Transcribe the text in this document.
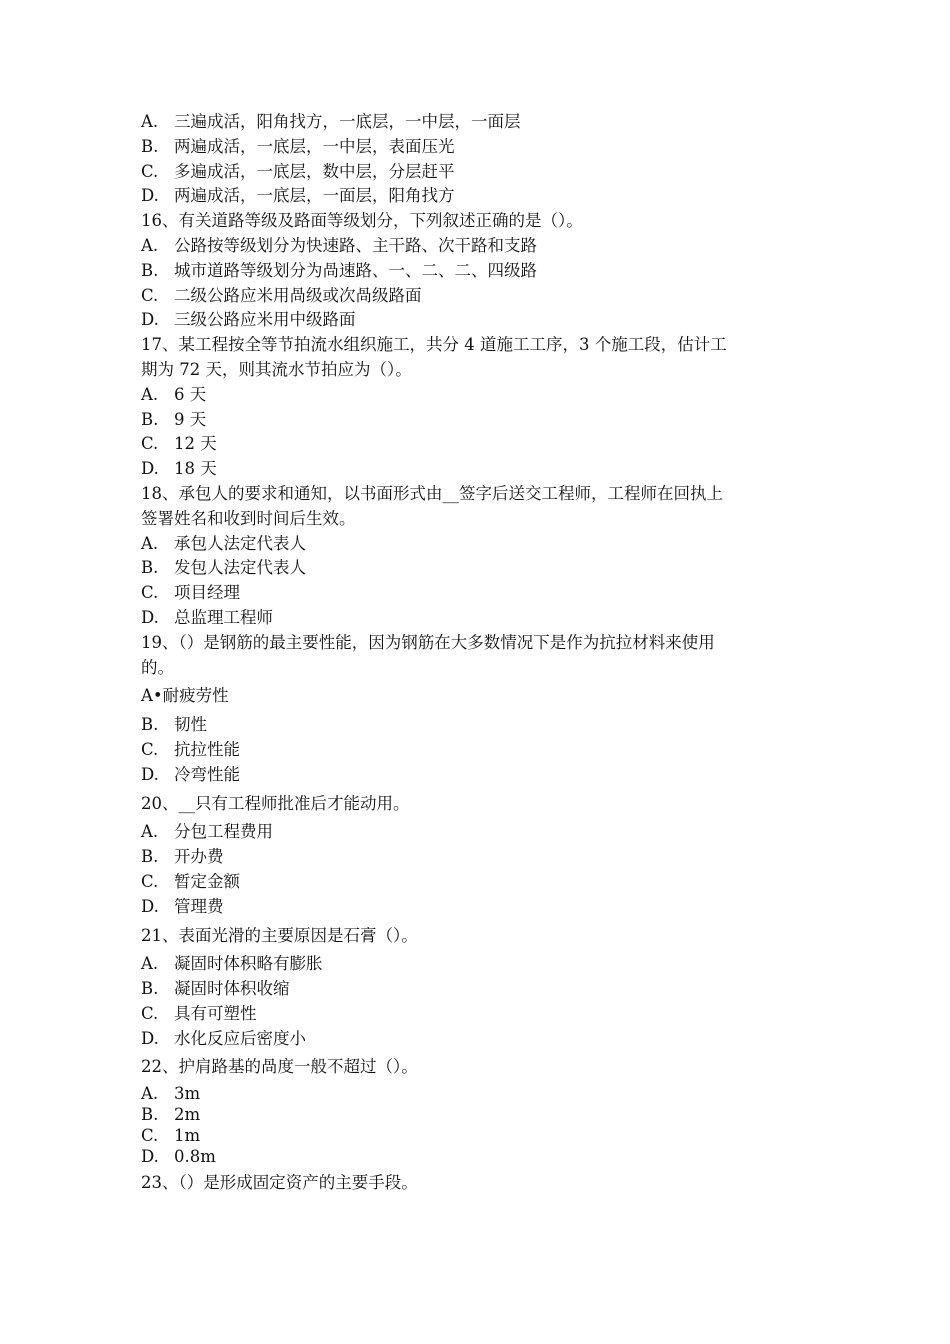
A. 三遍成活，阳角找方，一底层，一中层，一面层
B. 两遍成活，一底层，一中层，表面压光
C. 多遍成活，一底层，数中层，分层赶平
D. 两遍成活，一底层，一面层，阳角找方
16、有关道路等级及路面等级划分，下列叙述正确的是（）。
A. 公路按等级划分为快速路、主干路、次干路和支路
B. 城市道路等级划分为咼速路、一、二、二、四级路
C. 二级公路应米用咼级或次咼级路面
D. 三级公路应米用中级路面
17、某工程按全等节拍流水组织施工，共分 4 道施工工序，3 个施工段，估计工
期为 72 天，则其流水节拍应为（）。
A. 6 天
B. 9 天
C. 12 天
D. 18 天
18、承包人的要求和通知，以书面形式由__签字后送交工程师，工程师在回执上
签署姓名和收到时间后生效。
A. 承包人法定代表人
B. 发包人法定代表人
C. 项目经理
D. 总监理工程师
19、（）是钢筋的最主要性能，因为钢筋在大多数情况下是作为抗拉材料来使用
的。
A•耐疲劳性
B. 韧性
C. 抗拉性能
D. 冷弯性能
20、__只有工程师批准后才能动用。
A. 分包工程费用
B. 开办费
C. 暂定金额
D. 管理费
21、表面光滑的主要原因是石膏（）。
A. 凝固时体积略有膨胀
B. 凝固时体积收缩
C. 具有可塑性
D. 水化反应后密度小
22、护肩路基的咼度一般不超过（）。
A. 3m
B. 2m
C. 1m
D. 0.8m
23、（）是形成固定资产的主要手段。
